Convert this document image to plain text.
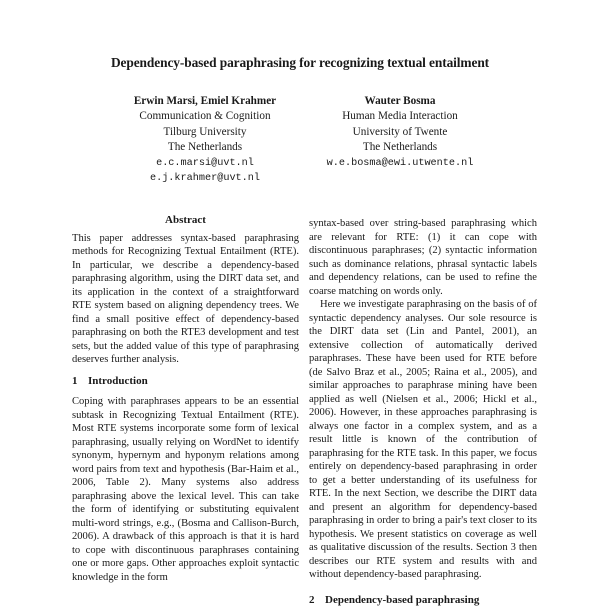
Dependency-based paraphrasing for recognizing textual entailment
Erwin Marsi, Emiel Krahmer
Communication & Cognition
Tilburg University
The Netherlands
e.c.marsi@uvt.nl
e.j.krahmer@uvt.nl
Wauter Bosma
Human Media Interaction
University of Twente
The Netherlands
w.e.bosma@ewi.utwente.nl
Abstract

This paper addresses syntax-based paraphrasing methods for Recognizing Textual Entailment (RTE). In particular, we describe a dependency-based paraphrasing algorithm, using the DIRT data set, and its application in the context of a straightforward RTE system based on aligning dependency trees. We find a small positive effect of dependency-based paraphrasing on both the RTE3 development and test sets, but the added value of this type of paraphrasing deserves further analysis.

1 Introduction

Coping with paraphrases appears to be an essential subtask in Recognizing Textual Entailment (RTE). Most RTE systems incorporate some form of lexical paraphrasing, usually relying on WordNet to identify synonym, hypernym and hyponym relations among word pairs from text and hypothesis (Bar-Haim et al., 2006, Table 2). Many systems also address paraphrasing above the lexical level. This can take the form of identifying or substituting equivalent multi-word strings, e.g., (Bosma and Callison-Burch, 2006). A drawback of this approach is that it is hard to cope with discontinuous paraphrases containing one or more gaps. Other approaches exploit syntactic knowledge in the form

syntax-based over string-based paraphrasing which are relevant for RTE: (1) it can cope with discontinuous paraphrases; (2) syntactic information such as dominance relations, phrasal syntactic labels and dependency relations, can be used to refine the coarse matching on words only.

Here we investigate paraphrasing on the basis of of syntactic dependency analyses. Our sole resource is the DIRT data set (Lin and Pantel, 2001), an extensive collection of automatically derived paraphrases. These have been used for RTE before (de Salvo Braz et al., 2005; Raina et al., 2005), and similar approaches to paraphrase mining have been applied as well (Nielsen et al., 2006; Hickl et al., 2006). However, in these approaches paraphrasing is always one factor in a complex system, and as a result little is known of the contribution of paraphrasing for the RTE task. In this paper, we focus entirely on dependency-based paraphrasing in order to get a better understanding of its usefulness for RTE. In the next Section, we describe the DIRT data and present an algorithm for dependency-based paraphrasing in order to bring a pair's text closer to its hypothesis. We present statistics on coverage as well as qualitative discussion of the results. Section 3 then describes our RTE system and results with and without dependency-based paraphrasing.

2 Dependency-based paraphrasing
